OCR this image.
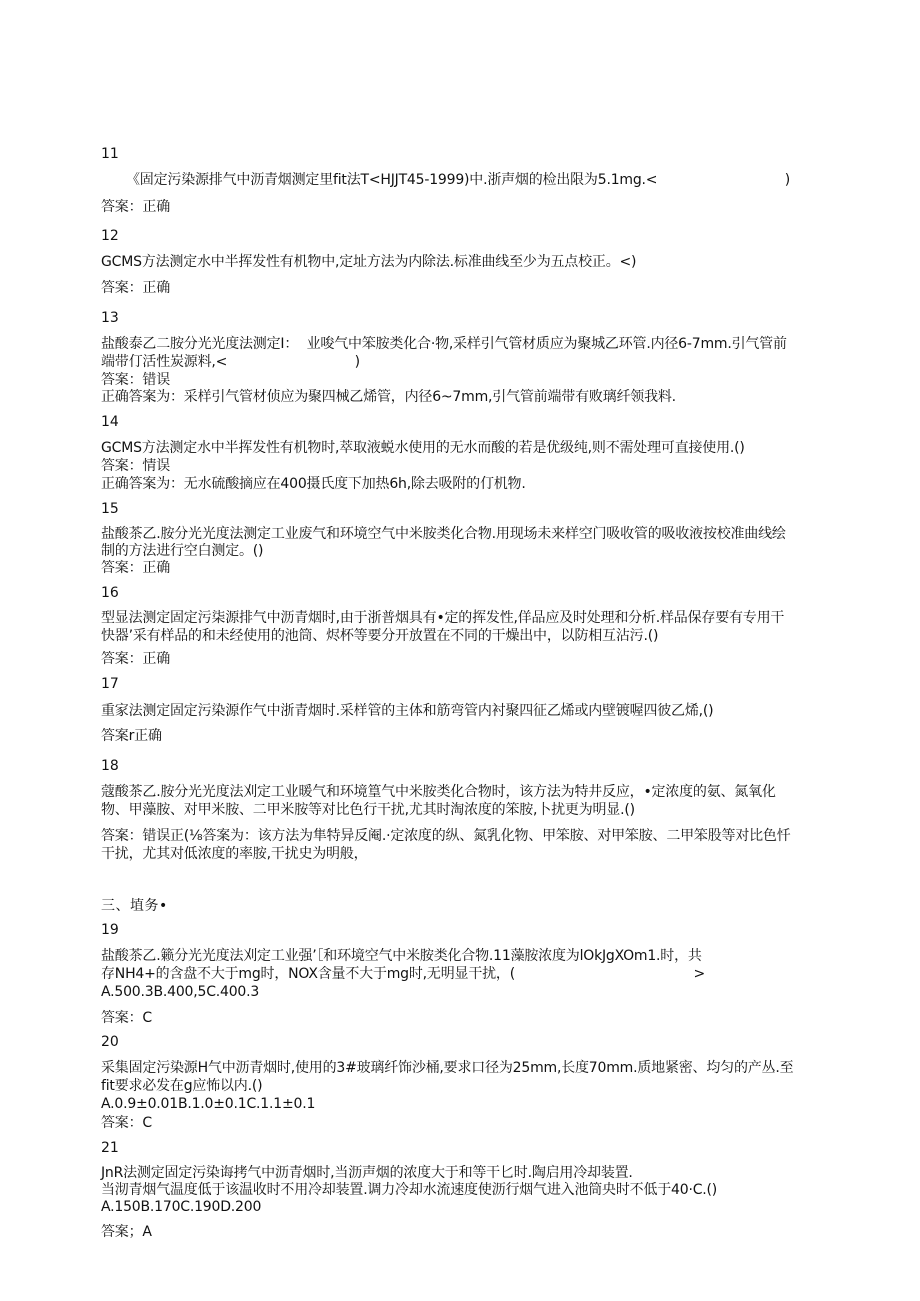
11
《固定污染源排气中沥青烟测定里fit法T<HJJT45-1999)中.浙声烟的检出限为5.1mg.<                              )
答案：正确
12
GCMS方法测定水中半挥发性有机物中,定址方法为内除法.标准曲线至少为五点校正。<)
答案：正确
13
盐酸泰乙二胺分光光度法测定I：  业唆气中笨胺类化合·物,采样引气管材质应为聚城乙环管.内径6-7mm.引气管前
端带仃活性炭源料,<                              )
答案：错误
正确答案为：采样引气管材侦应为聚四械乙烯管，内径6~7mm,引气管前端带有败璃纤领我料.
14
GCMS方法测定水中半挥发性有机物时,萃取液蜕水使用的无水而酸的若是优级纯,则不需处理可直接使用.()
答案：情误
正确答案为：无水硫酸摘应在400摄氏度下加热6h,除去吸附的仃机物.
15
盐酸茶乙.胺分光光度法测定工业废气和环境空气中米胺类化合物.用现场未来样空门吸收管的吸收液按校准曲线绘
制的方法进行空白测定。()
答案：正确
16
型显法测定固定污柒源排气中沥青烟时,由于浙普烟具有•定的挥发性,佯品应及时处理和分析.样品保存要有专用干
快器’采有样品的和未经使用的池筒、烬杯等要分开放置在不同的干燥出中，以防相互沾污.()
答案：正确
17
重家法测定固定污染源作气中浙青烟时.采样管的主体和筋弯管内衬聚四征乙烯或内壁镀喔四彼乙烯,()
答案r正确
18
蔻酸茶乙.胺分光光度法刈定工业暖气和环境篁气中米胺类化合物时，该方法为特井反应，•定浓度的氨、氮氧化
物、甲藻胺、对甲米胺、二甲米胺等对比色行干扰,尤其时淘浓度的笨胺,卜扰更为明显.()
答案：错误正(⅛答案为：该方法为隼特异反阉.·定浓度的纵、氮乳化物、甲笨胺、对甲笨胺、二甲笨股等对比色忏
干扰，尤其对低浓度的率胺,干扰史为明般，
三、埴务•
19
盐酸茶乙.籁分光光度法刈定工业强’［和环境空气中米胺类化合物.11藻胺浓度为lOkJgXOm1.时，共
存NH4+的含盘不大于mg时，NOX含量不大于mg时,无明显干扰，(                                          >
A.500.3B.400,5C.400.3
答案：C
20
采集固定污染源H气中沥青烟时,使用的3#玻璃纤饰沙桶,要求口径为25mm,长度70mm.质地紧密、均匀的产丛.至
fit要求必发在g应怖以内.()
A.0.9±0.01B.1.0±0.1C.1.1±0.1
答案：C
21
JnR法测定固定污染诲拷气中沥青烟时,当沥声烟的浓度大于和等干匕时.陶启用冷却装置.
当沏青烟气温度低于该温收时不用冷却装置.调力冷却水流速度使沥行烟气进入池筒央时不低于40·C.()
A.150B.170C.190D.200
答案；A
